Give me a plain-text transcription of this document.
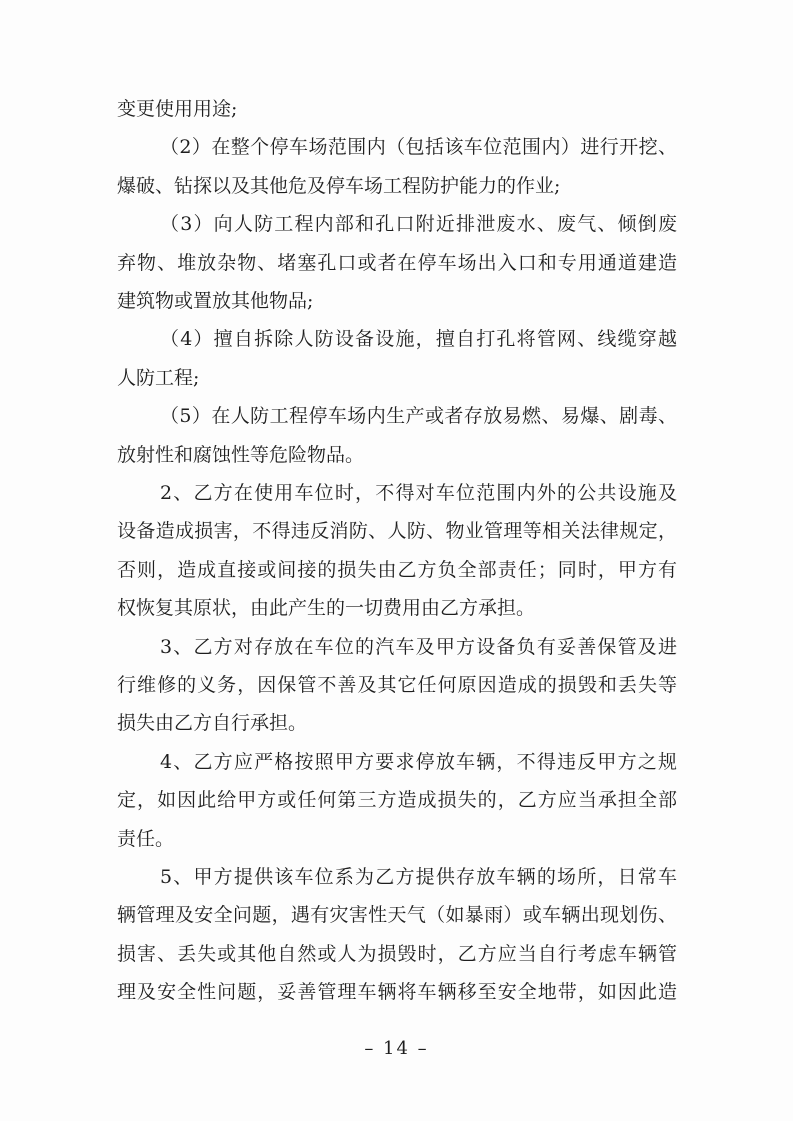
变更使用用途;
（2）在整个停车场范围内（包括该车位范围内）进行开挖、
爆破、钻探以及其他危及停车场工程防护能力的作业;
（3）向人防工程内部和孔口附近排泄废水、废气、倾倒废
弃物、堆放杂物、堵塞孔口或者在停车场出入口和专用通道建造
建筑物或置放其他物品;
（4）擅自拆除人防设备设施，擅自打孔将管网、线缆穿越
人防工程;
（5）在人防工程停车场内生产或者存放易燃、易爆、剧毒、
放射性和腐蚀性等危险物品。
2、乙方在使用车位时，不得对车位范围内外的公共设施及
设备造成损害，不得违反消防、人防、物业管理等相关法律规定，
否则，造成直接或间接的损失由乙方负全部责任；同时，甲方有
权恢复其原状，由此产生的一切费用由乙方承担。
3、乙方对存放在车位的汽车及甲方设备负有妥善保管及进
行维修的义务，因保管不善及其它任何原因造成的损毁和丢失等
损失由乙方自行承担。
4、乙方应严格按照甲方要求停放车辆，不得违反甲方之规
定，如因此给甲方或任何第三方造成损失的，乙方应当承担全部
责任。
5、甲方提供该车位系为乙方提供存放车辆的场所，日常车
辆管理及安全问题，遇有灾害性天气（如暴雨）或车辆出现划伤、
损害、丢失或其他自然或人为损毁时，乙方应当自行考虑车辆管
理及安全性问题，妥善管理车辆将车辆移至安全地带，如因此造
– 14 –
